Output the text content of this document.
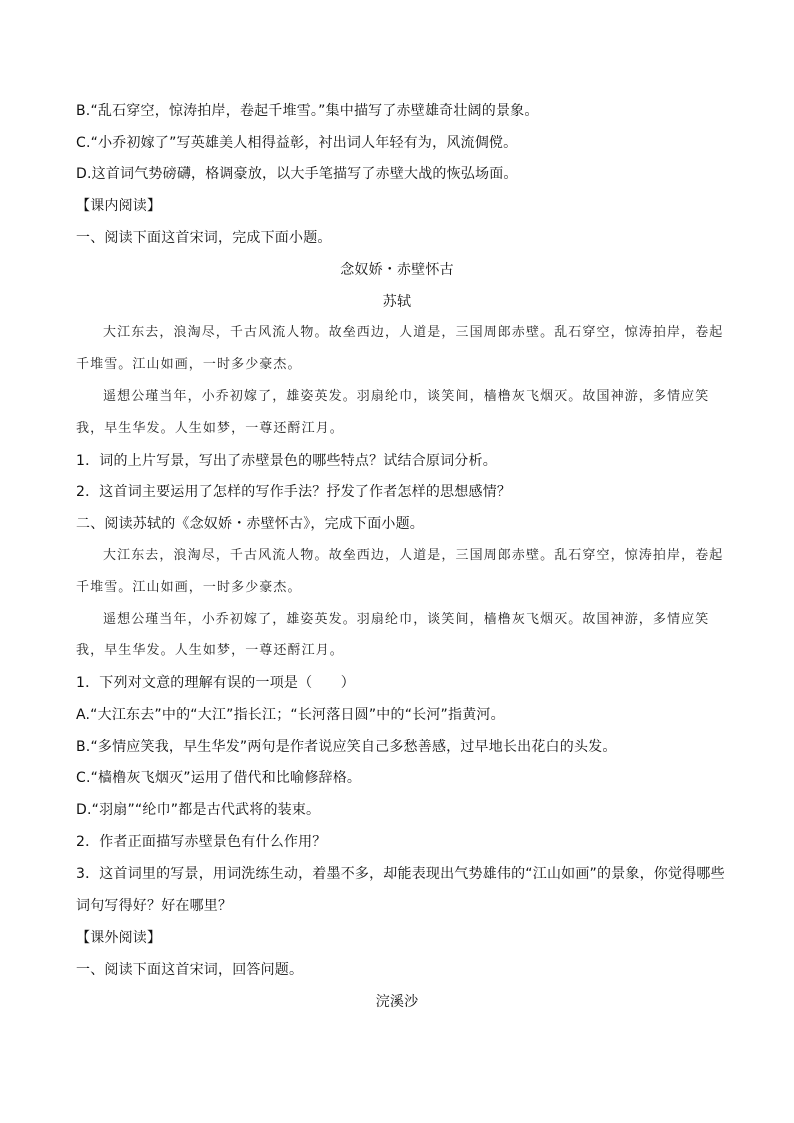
B.“乱石穿空，惊涛拍岸，卷起千堆雪。”集中描写了赤壁雄奇壮阔的景象。
C.“小乔初嫁了”写英雄美人相得益彰，衬出词人年轻有为，风流倜傥。
D.这首词气势磅礴，格调豪放，以大手笔描写了赤壁大战的恢弘场面。
【课内阅读】
一、阅读下面这首宋词，完成下面小题。
念奴娇・赤壁怀古
苏轼
大江东去，浪淘尽，千古风流人物。故垒西边，人道是，三国周郎赤壁。乱石穿空，惊涛拍岸，卷起
千堆雪。江山如画，一时多少豪杰。
遥想公瑾当年，小乔初嫁了，雄姿英发。羽扇纶巾，谈笑间，樯橹灰飞烟灭。故国神游，多情应笑
我，早生华发。人生如梦，一尊还酹江月。
1．词的上片写景，写出了赤壁景色的哪些特点？试结合原词分析。
2．这首词主要运用了怎样的写作手法？抒发了作者怎样的思想感情？
二、阅读苏轼的《念奴娇・赤壁怀古》，完成下面小题。
大江东去，浪淘尽，千古风流人物。故垒西边，人道是，三国周郎赤壁。乱石穿空，惊涛拍岸，卷起
千堆雪。江山如画，一时多少豪杰。
遥想公瑾当年，小乔初嫁了，雄姿英发。羽扇纶巾，谈笑间，樯橹灰飞烟灭。故国神游，多情应笑
我，早生华发。人生如梦，一尊还酹江月。
1．下列对文意的理解有误的一项是（　　）
A.“大江东去”中的“大江”指长江；“长河落日圆”中的“长河”指黄河。
B.“多情应笑我，早生华发”两句是作者说应笑自己多愁善感，过早地长出花白的头发。
C.“樯橹灰飞烟灭”运用了借代和比喻修辞格。
D.“羽扇”“纶巾”都是古代武将的装束。
2．作者正面描写赤壁景色有什么作用？
3．这首词里的写景，用词洗练生动，着墨不多，却能表现出气势雄伟的“江山如画”的景象，你觉得哪些
词句写得好？好在哪里？
【课外阅读】
一、阅读下面这首宋词，回答问题。
浣溪沙
